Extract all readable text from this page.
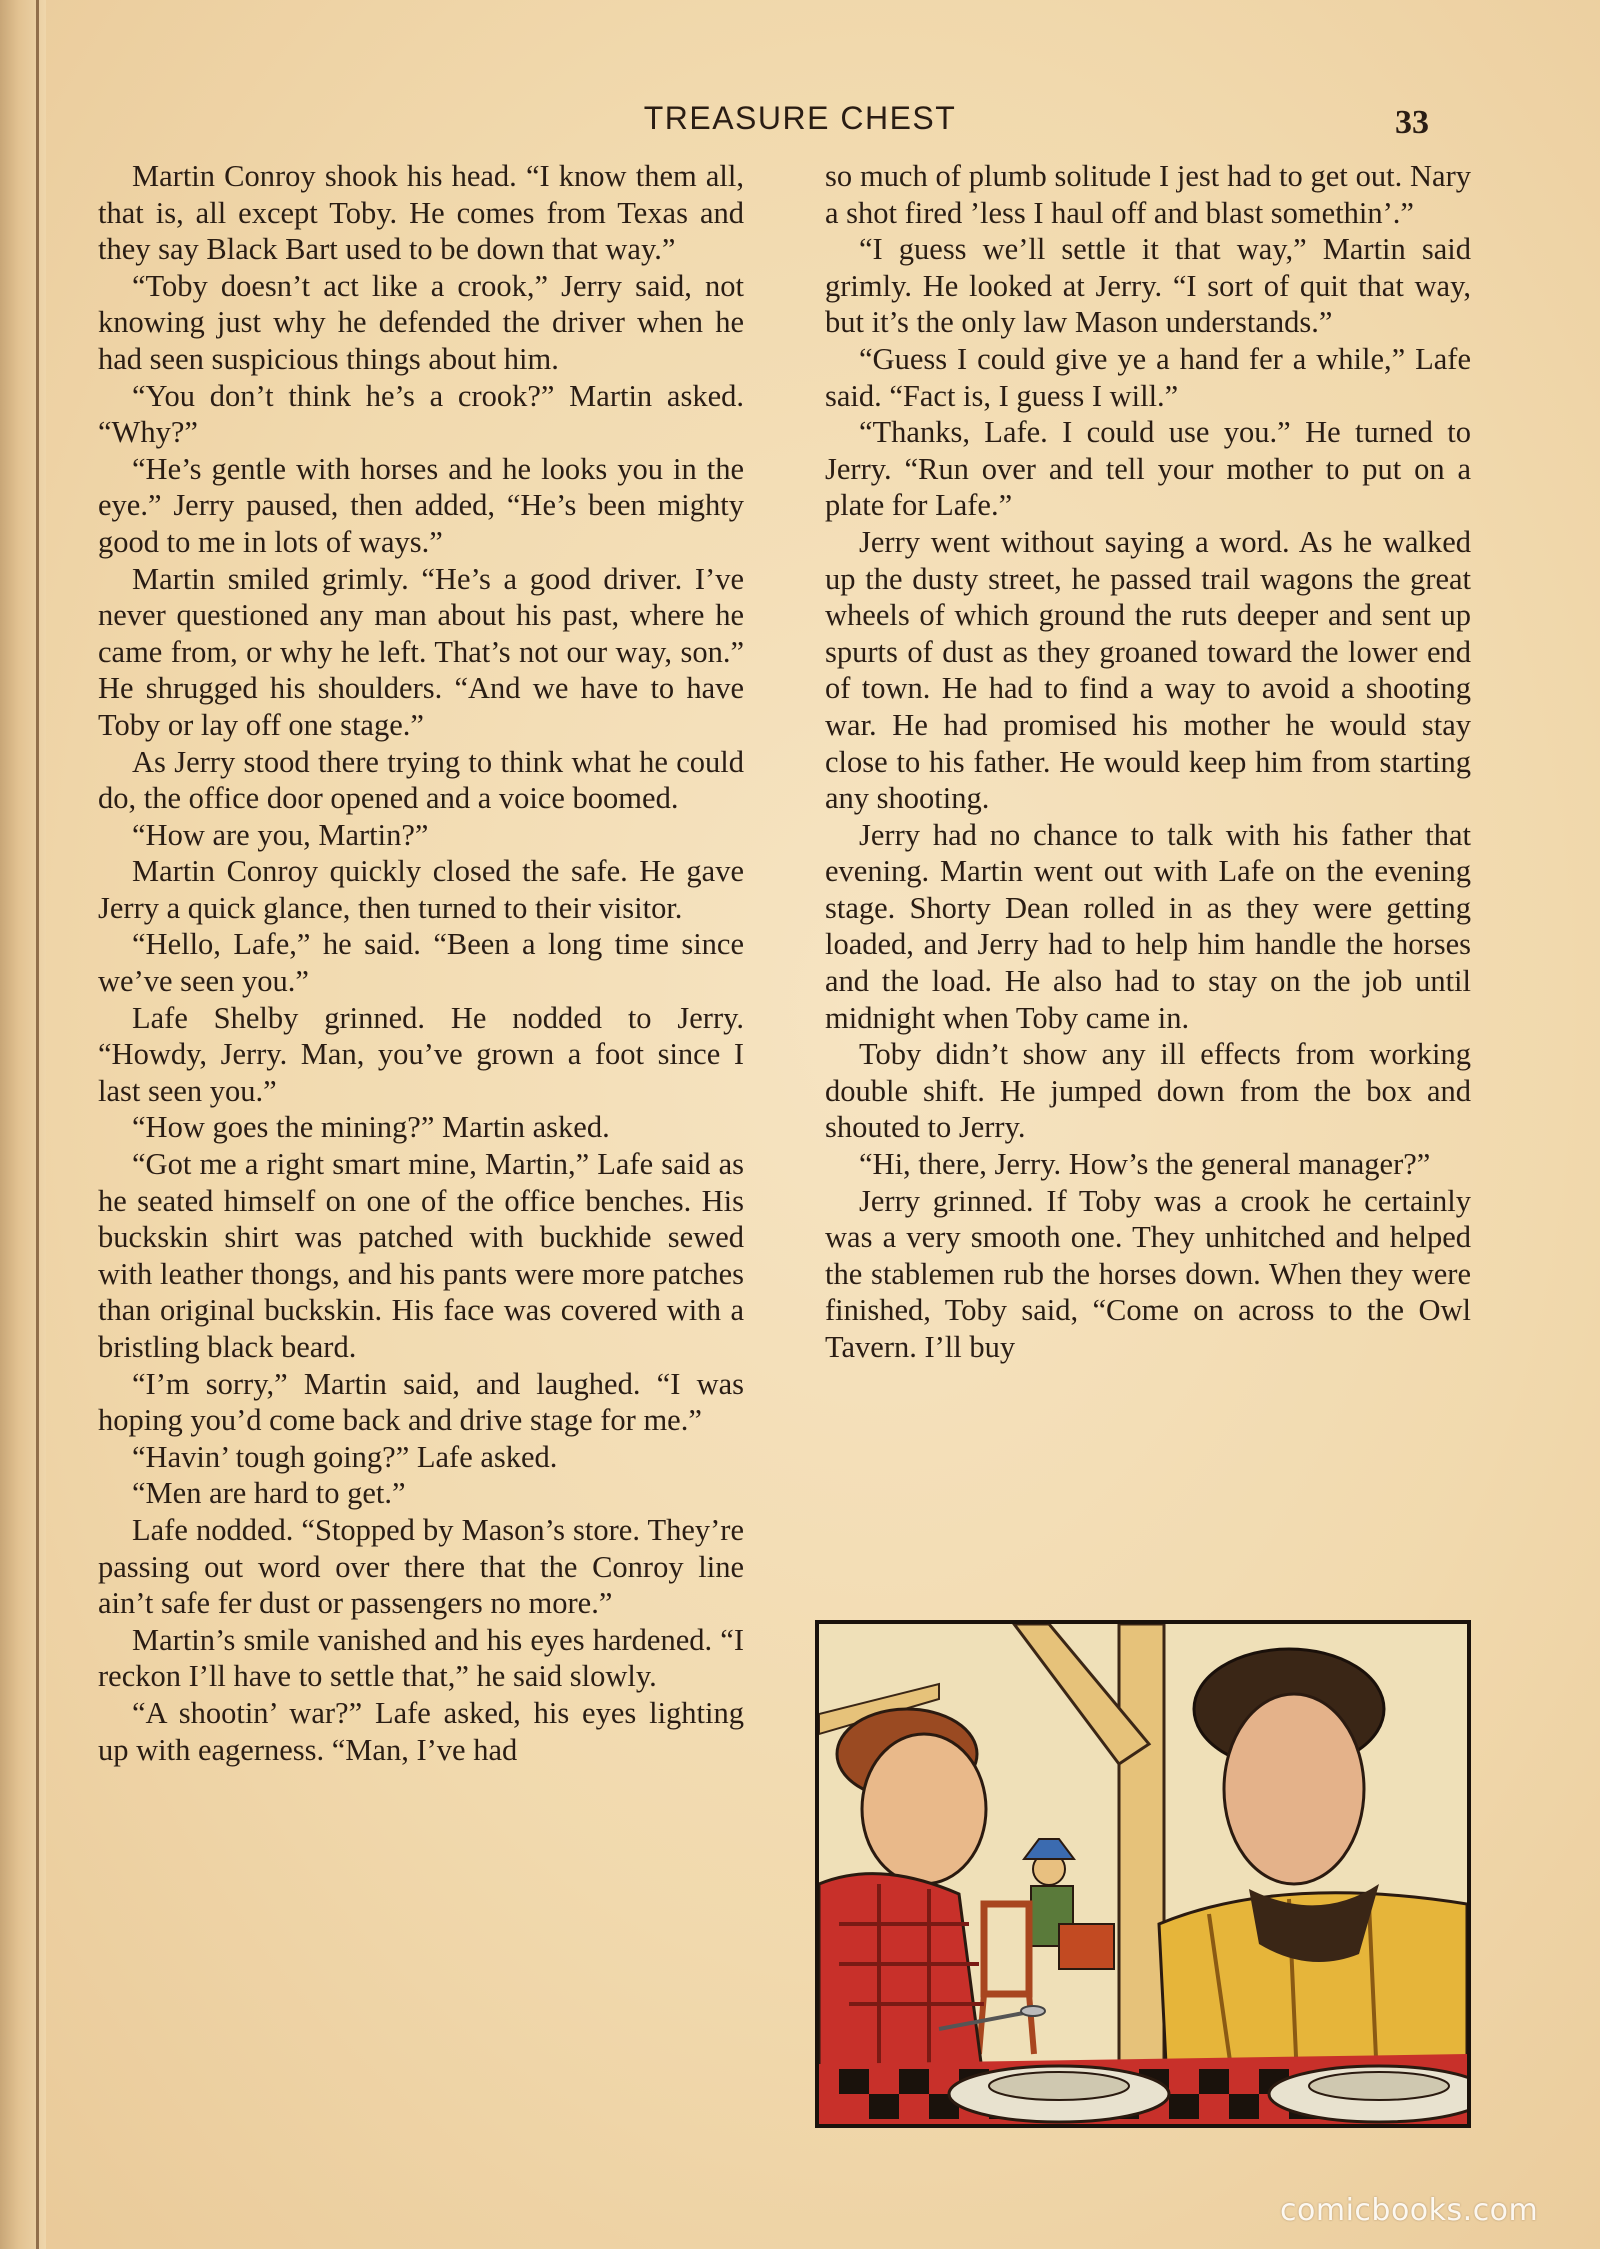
TREASURE CHEST	33

Martin Conroy shook his head. “I know them all, that is, all except Toby. He comes from Texas and they say Black Bart used to be down that way.”

“Toby doesn’t act like a crook,” Jerry said, not knowing just why he defended the driver when he had seen suspicious things about him.

“You don’t think he’s a crook?” Martin asked. “Why?”

“He’s gentle with horses and he looks you in the eye.” Jerry paused, then added, “He’s been mighty good to me in lots of ways.”

Martin smiled grimly. “He’s a good driver. I’ve never questioned any man about his past, where he came from, or why he left. That’s not our way, son.” He shrugged his shoulders. “And we have to have Toby or lay off one stage.”

As Jerry stood there trying to think what he could do, the office door opened and a voice boomed.

“How are you, Martin?”

Martin Conroy quickly closed the safe. He gave Jerry a quick glance, then turned to their visitor.

“Hello, Lafe,” he said. “Been a long time since we’ve seen you.”

Lafe Shelby grinned. He nodded to Jerry. “Howdy, Jerry. Man, you’ve grown a foot since I last seen you.”

“How goes the mining?” Martin asked.

“Got me a right smart mine, Martin,” Lafe said as he seated himself on one of the office benches. His buckskin shirt was patched with buckhide sewed with leather thongs, and his pants were more patches than original buckskin. His face was covered with a bristling black beard.

“I’m sorry,” Martin said, and laughed. “I was hoping you’d come back and drive stage for me.”

“Havin’ tough going?” Lafe asked.

“Men are hard to get.”

Lafe nodded. “Stopped by Mason’s store. They’re passing out word over there that the Conroy line ain’t safe fer dust or passengers no more.”

Martin’s smile vanished and his eyes hardened. “I reckon I’ll have to settle that,” he said slowly.

“A shootin’ war?” Lafe asked, his eyes lighting up with eagerness. “Man, I’ve had

so much of plumb solitude I jest had to get out. Nary a shot fired ’less I haul off and blast somethin’.”

“I guess we’ll settle it that way,” Martin said grimly. He looked at Jerry. “I sort of quit that way, but it’s the only law Mason understands.”

“Guess I could give ye a hand fer a while,” Lafe said. “Fact is, I guess I will.”

“Thanks, Lafe. I could use you.” He turned to Jerry. “Run over and tell your mother to put on a plate for Lafe.”

Jerry went without saying a word. As he walked up the dusty street, he passed trail wagons the great wheels of which ground the ruts deeper and sent up spurts of dust as they groaned toward the lower end of town. He had to find a way to avoid a shooting war. He had promised his mother he would stay close to his father. He would keep him from starting any shooting.

Jerry had no chance to talk with his father that evening. Martin went out with Lafe on the evening stage. Shorty Dean rolled in as they were getting loaded, and Jerry had to help him handle the horses and the load. He also had to stay on the job until midnight when Toby came in.

Toby didn’t show any ill effects from working double shift. He jumped down from the box and shouted to Jerry.

“Hi, there, Jerry. How’s the general manager?”

Jerry grinned. If Toby was a crook he certainly was a very smooth one. They unhitched and helped the stablemen rub the horses down. When they were finished, Toby said, “Come on across to the Owl Tavern. I’ll buy

comicbooks.com
